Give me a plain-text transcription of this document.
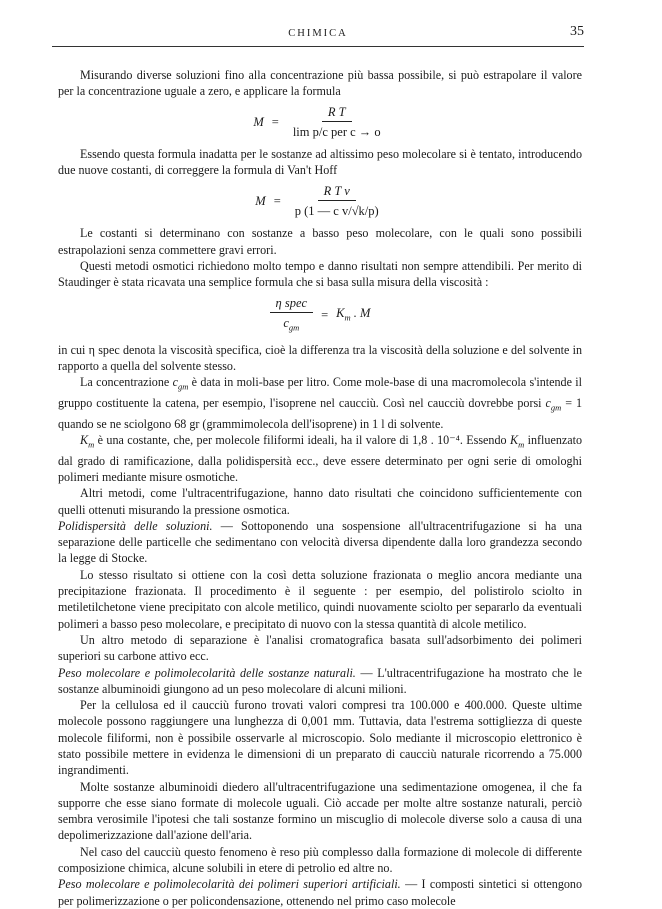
CHIMICA	35

Misurando diverse soluzioni fino alla concentrazione più bassa possibile, si può estrapolare il valore per la concentrazione uguale a zero, e applicare la formula

$M = \frac{\text{R T}}{\text{lim p/c per c → o}}$

Essendo questa formula inadatta per le sostanze ad altissimo peso molecolare si è tentato, introducendo due nuove costanti, di correggere la formula di Van't Hoff

$M = \frac{\text{R T v}}{\text{p (1 — c v/√k/p)}}$

Le costanti si determinano con sostanze a basso peso molecolare, con le quali sono possibili estrapolazioni senza commettere gravi errori.

Questi metodi osmotici richiedono molto tempo e danno risultati non sempre attendibili. Per merito di Staudinger è stata ricavata una semplice formula che si basa sulla misura della viscosità :

$\frac{\text{η spec}}{c_{gm}} = K_m$ . M

in cui η spec denota la viscosità specifica, cioè la differenza tra la viscosità della soluzione e del solvente in rapporto a quella del solvente stesso.

La concentrazione $c_{gm}$ è data in moli-base per litro. Come mole-base di una macromolecola s'intende il gruppo costituente la catena, per esempio, l'isoprene nel caucciù. Così nel caucciù dovrebbe porsi $c_{gm} = 1$ quando se ne sciolgono 68 gr (grammimolecola dell'isoprene) in 1 l di solvente.

$K_m$ è una costante, che, per molecole filiformi ideali, ha il valore di 1,8 . 10⁻⁴. Essendo $K_m$ influenzato dal grado di ramificazione, dalla polidispersità ecc., deve essere determinato per ogni serie di omologhi polimeri mediante misure osmotiche.

Altri metodi, come l'ultracentrifugazione, hanno dato risultati che coincidono sufficientemente con quelli ottenuti misurando la pressione osmotica.

Polidispersità delle soluzioni. — Sottoponendo una sospensione all'ultracentrifugazione si ha una separazione delle particelle che sedimentano con velocità diversa dipendente dalla loro grandezza secondo la legge di Stocke.

Lo stesso risultato si ottiene con la così detta soluzione frazionata o meglio ancora mediante una precipitazione frazionata. Il procedimento è il seguente : per esempio, del polistirolo sciolto in metiletilchetone viene precipitato con alcole metilico, quindi nuovamente sciolto per separarlo da eventuali polimeri a basso peso molecolare, e precipitato di nuovo con la stessa quantità di alcole metilico.

Un altro metodo di separazione è l'analisi cromatografica basata sull'adsorbimento dei polimeri superiori su carbone attivo ecc.

Peso molecolare e polimolecolarità delle sostanze naturali. — L'ultracentrifugazione ha mostrato che le sostanze albuminoidi giungono ad un peso molecolare di alcuni milioni.

Per la cellulosa ed il caucciù furono trovati valori compresi tra 100.000 e 400.000. Queste ultime molecole possono raggiungere una lunghezza di 0,001 mm. Tuttavia, data l'estrema sottigliezza di queste molecole filiformi, non è possibile osservarle al microscopio. Solo mediante il microscopio elettronico è stato possibile mettere in evidenza le dimensioni di un preparato di caucciù naturale ricorrendo a 75.000 ingrandimenti.

Molte sostanze albuminoidi diedero all'ultracentrifugazione una sedimentazione omogenea, il che fa supporre che esse siano formate di molecole uguali. Ciò accade per molte altre sostanze naturali, perciò sembra verosimile l'ipotesi che tali sostanze formino un miscuglio di molecole diverse solo a causa di una depolimerizzazione dall'azione dell'aria.

Nel caso del caucciù questo fenomeno è reso più complesso dalla formazione di molecole di differente composizione chimica, alcune solubili in etere di petrolio ed altre no.

Peso molecolare e polimolecolarità dei polimeri superiori artificiali. — I composti sintetici si ottengono per polimerizzazione o per policondensazione, ottenendo nel primo caso molecole
